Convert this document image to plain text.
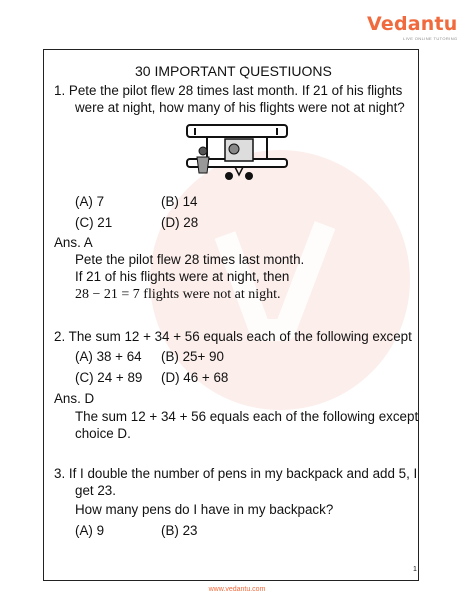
Vedantu
LIVE ONLINE TUTORING
30 IMPORTANT QUESTIUONS
1. Pete the pilot flew 28 times last month. If 21 of his flights
were at night, how many of his flights were not at night?
(A) 7	(B) 14
(C) 21	(D) 28
Ans. A
Pete the pilot flew 28 times last month.
If 21 of his flights were at night, then
28 − 21 = 7 flights were not at night.
2. The sum 12 + 34 + 56 equals each of the following except
(A) 38 + 64 (B) 25+ 90
(C) 24 + 89 (D) 46 + 68
Ans. D
The sum 12 + 34 + 56 equals each of the following except
choice D.
3. If I double the number of pens in my backpack and add 5, I
get 23.
How many pens do I have in my backpack?
(A) 9	(B) 23
1
www.vedantu.com
